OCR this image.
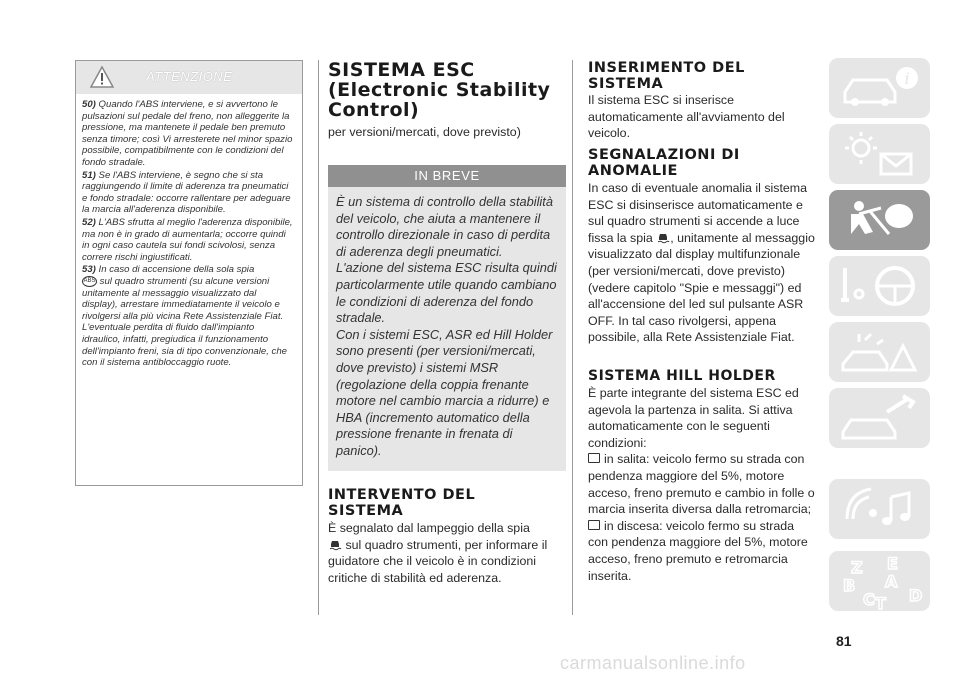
ATTENZIONE

50) Quando l'ABS interviene, e si avvertono le pulsazioni sul pedale del freno, non alleggerite la pressione, ma mantenete il pedale ben premuto senza timore; così Vi arresterete nel minor spazio possibile, compatibilmente con le condizioni del fondo stradale.

51) Se l'ABS interviene, è segno che si sta raggiungendo il limite di aderenza tra pneumatici e fondo stradale: occorre rallentare per adeguare la marcia all'aderenza disponibile.

52) L'ABS sfrutta al meglio l'aderenza disponibile, ma non è in grado di aumentarla; occorre quindi in ogni caso cautela sui fondi scivolosi, senza correre rischi ingiustificati.

53) In caso di accensione della sola spia
ABS sul quadro strumenti (su alcune versioni unitamente al messaggio visualizzato dal display), arrestare immediatamente il veicolo e rivolgersi alla più vicina Rete Assistenziale Fiat. L'eventuale perdita di fluido dall'impianto idraulico, infatti, pregiudica il funzionamento dell'impianto freni, sia di tipo convenzionale, che con il sistema antibloccaggio ruote.

SISTEMA ESC
(Electronic Stability
Control)
per versioni/mercati, dove previsto)
IN BREVE

È un sistema di controllo della stabilità del veicolo, che aiuta a mantenere il controllo direzionale in caso di perdita di aderenza degli pneumatici.

L'azione del sistema ESC risulta quindi particolarmente utile quando cambiano le condizioni di aderenza del fondo stradale.

Con i sistemi ESC, ASR ed Hill Holder sono presenti (per versioni/mercati, dove previsto) i sistemi MSR (regolazione della coppia frenante motore nel cambio marcia a ridurre) e HBA (incremento automatico della pressione frenante in frenata di panico).

INTERVENTO DEL
SISTEMA
È segnalato dal lampeggio della spia
sul quadro strumenti, per informare il guidatore che il veicolo è in condizioni critiche di stabilità ed aderenza.
INSERIMENTO DEL
SISTEMA
Il sistema ESC si inserisce automaticamente all'avviamento del veicolo.
SEGNALAZIONI DI
ANOMALIE
In caso di eventuale anomalia il sistema ESC si disinserisce automaticamente e sul quadro strumenti si accende a luce fissa la spia , unitamente al messaggio visualizzato dal display multifunzionale (per versioni/mercati, dove previsto) (vedere capitolo "Spie e messaggi") ed all'accensione del led sul pulsante ASR OFF. In tal caso rivolgersi, appena possibile, alla Rete Assistenziale Fiat.
SISTEMA HILL HOLDER
È parte integrante del sistema ESC ed agevola la partenza in salita. Si attiva automaticamente con le seguenti condizioni:
in salita: veicolo fermo su strada con pendenza maggiore del 5%, motore acceso, freno premuto e cambio in folle o marcia inserita diversa dalla retromarcia;
in discesa: veicolo fermo su strada con pendenza maggiore del 5%, motore acceso, freno premuto e retromarcia inserita.
i
Z E
B A
D
C T
81
carmanualsonline.info
